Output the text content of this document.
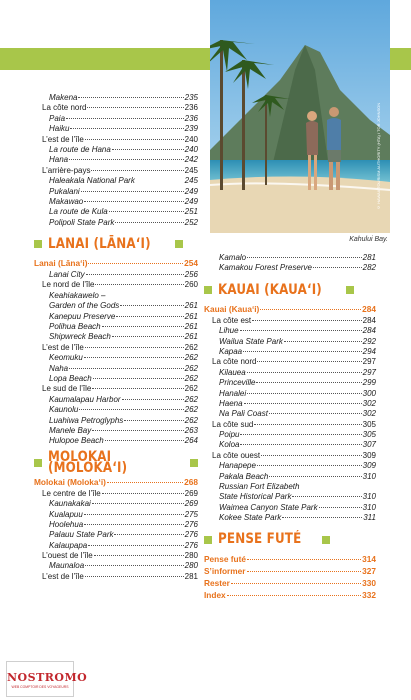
© HAWAII TOURISM AUTHORITY (HTA) / TOR JOHNSON
Kahului Bay.
Makena	235
La côte nord	236
Paia	236
Haiku	239
L’est de l’île	240
La route de Hana	240
Hana	242
L’arrière-pays	245
Haleakala National Park	245
Pukalani	249
Makawao	249
La route de Kula	251
Polipoli State Park	252
LANAI (LĀNA‘I)
Lanai (Lāna‘i)	254
Lanai City	256
Le nord de l’île	260
Keahiakawelo –
Garden of the Gods	261
Kanepuu Preserve	261
Polihua Beach	261
Shipwreck Beach	261
L’est de l’île	262
Keomuku	262
Naha	262
Lopa Beach	262
Le sud de l’île	262
Kaumalapau Harbor	262
Kaunolu	262
Luahiwa Petroglyphs	262
Manele Bay	263
Hulopoe Beach	264
MOLOKAI (MOLOKA‘I)
Molokai (Moloka‘i)	268
Le centre de l’île	269
Kaunakakai	269
Kualapuu	275
Hoolehua	276
Palauu State Park	276
Kalaupapa	276
L’ouest de l’île	280
Maunaloa	280
L’est de l’île	281
Kamalo	281
Kamakou Forest Preserve	282
KAUAI (KAUA‘I)
Kauai (Kaua‘i)	284
La côte est	284
Lihue	284
Wailua State Park	292
Kapaa	294
La côte nord	297
Kilauea	297
Princeville	299
Hanalei	300
Haena	302
Na Pali Coast	302
La côte sud	305
Poipu	305
Koloa	307
La côte ouest	309
Hanapepe	309
Pakala Beach	310
Russian Fort Elizabeth
State Historical Park	310
Waimea Canyon State Park	310
Kokee State Park	311
PENSE FUTÉ
Pense futé	314
S’informer	327
Rester	330
Index	332
NOSTROMO
WEB COMPTOIR DES VOYAGEURS
